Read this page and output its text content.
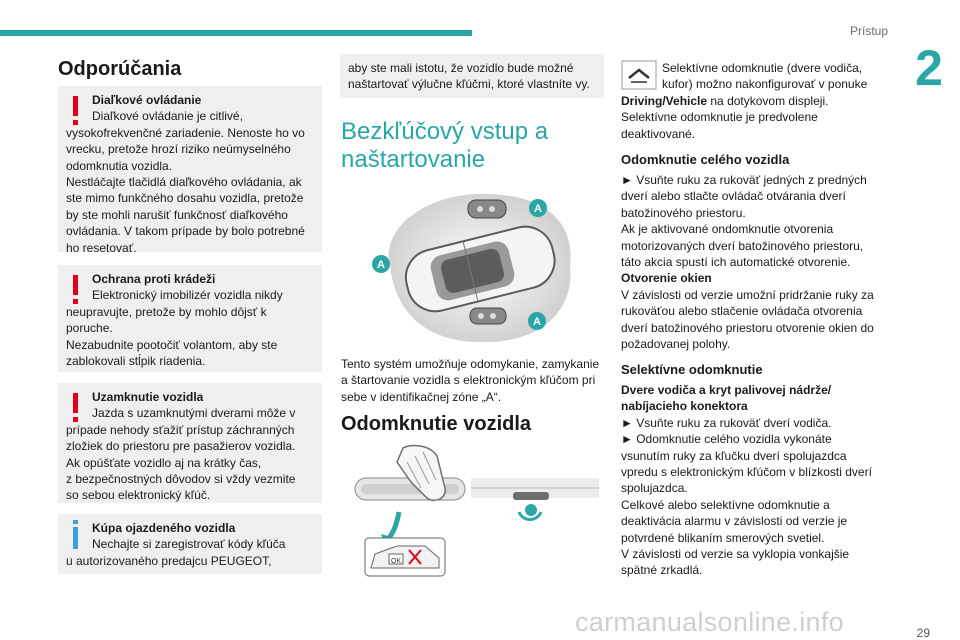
Prístup
2
29
carmanualsonline.info
Odporúčania
Diaľkové ovládanie
Diaľkové ovládanie je citlivé,
vysokofrekvenčné zariadenie. Nenoste ho vo
vrecku, pretože hrozí riziko neúmyselného
odomknutia vozidla.
Nestláčajte tlačidlá diaľkového ovládania, ak
ste mimo funkčného dosahu vozidla, pretože
by ste mohli narušiť funkčnosť diaľkového
ovládania. V takom prípade by bolo potrebné
ho resetovať.
Ochrana proti krádeži
Elektronický imobilizér vozidla nikdy
neupravujte, pretože by mohlo dôjsť k
poruche.
Nezabudnite pootočiť volantom, aby ste
zablokovali stĺpik riadenia.
Uzamknutie vozidla
Jazda s uzamknutými dverami môže v
prípade nehody sťažiť prístup záchranných
zložiek do priestoru pre pasažierov vozidla.
Ak opúšťate vozidlo aj na krátky čas,
z bezpečnostných dôvodov si vždy vezmite
so sebou elektronický kľúč.
Kúpa ojazdeného vozidla
Nechajte si zaregistrovať kódy kľúča
u autorizovaného predajcu PEUGEOT,
aby ste mali istotu, že vozidlo bude možné
naštartovať výlučne kľúčmi, ktoré vlastníte vy.
Bezkľúčový vstup a
naštartovanie
A
A
A
Tento systém umožňuje odomykanie, zamykanie
a štartovanie vozidla s elektronickým kľúčom pri
sebe v identifikačnej zóne „A“.
Odomknutie vozidla
OK
Selektívne odomknutie (dvere vodiča,
kufor) možno nakonfigurovať v ponuke
Driving/Vehicle na dotykovom displeji.
Selektívne odomknutie je predvolene
deaktivované.
Odomknutie celého vozidla
► Vsuňte ruku za rukoväť jedných z predných
dverí alebo stlačte ovládač otvárania dverí
batožinového priestoru.
Ak je aktivované ondomknutie otvorenia
motorizovaných dverí batožinového priestoru,
táto akcia spustí ich automatické otvorenie.
Otvorenie okien
V závislosti od verzie umožní pridržanie ruky za
rukoväťou alebo stlačenie ovládača otvorenia
dverí batožinového priestoru otvorenie okien do
požadovanej polohy.
Selektívne odomknutie
Dvere vodiča a kryt palivovej nádrže/
nabíjacieho konektora
► Vsuňte ruku za rukoväť dverí vodiča.
► Odomknutie celého vozidla vykonáte
vsunutím ruky za kľučku dverí spolujazdca
vpredu s elektronickým kľúčom v blízkosti dverí
spolujazdca.
Celkové alebo selektívne odomknutie a
deaktivácia alarmu v závislosti od verzie je
potvrdené blikaním smerových svetiel.
V závislosti od verzie sa vyklopia vonkajšie
spätné zrkadlá.
